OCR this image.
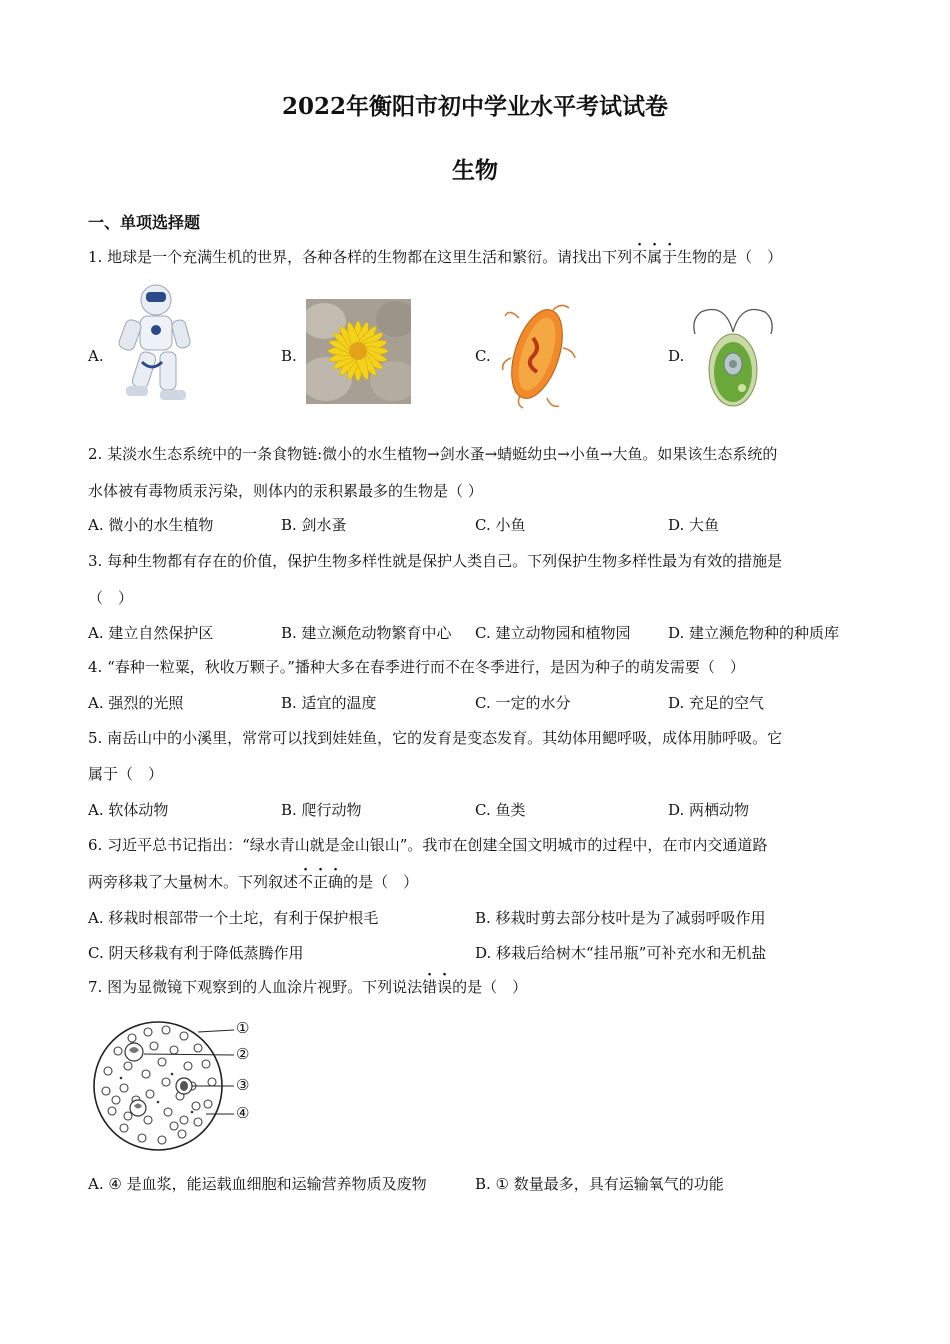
2022年衡阳市初中学业水平考试试卷
生物
一、单项选择题
1. 地球是一个充满生机的世界，各种各样的生物都在这里生活和繁衍。请找出下列不属于生物的是（　）
A.	B.	C.	D.
2. 某淡水生态系统中的一条食物链:微小的水生植物→剑水蚤→蜻蜓幼虫→小鱼→大鱼。如果该生态系统的
水体被有毒物质汞污染，则体内的汞积累最多的生物是（ ）
A. 微小的水生植物	B. 剑水蚤	C. 小鱼	D. 大鱼
3. 每种生物都有存在的价值，保护生物多样性就是保护人类自己。下列保护生物多样性最为有效的措施是
（　）
A. 建立自然保护区	B. 建立濒危动物繁育中心 C. 建立动物园和植物园	D. 建立濒危物种的种质库
4. “春种一粒粟，秋收万颗子。”播种大多在春季进行而不在冬季进行，是因为种子的萌发需要（　）
A. 强烈的光照	B. 适宜的温度	C. 一定的水分	D. 充足的空气
5. 南岳山中的小溪里，常常可以找到娃娃鱼，它的发育是变态发育。其幼体用鳃呼吸，成体用肺呼吸。它
属于（　）
A. 软体动物	B. 爬行动物	C. 鱼类	D. 两栖动物
6. 习近平总书记指出：“绿水青山就是金山银山”。我市在创建全国文明城市的过程中，在市内交通道路
两旁移栽了大量树木。下列叙述不正确的是（　）
A. 移栽时根部带一个土坨，有利于保护根毛	B. 移栽时剪去部分枝叶是为了减弱呼吸作用
C. 阴天移栽有利于降低蒸腾作用	D. 移栽后给树木“挂吊瓶”可补充水和无机盐
7. 图为显微镜下观察到的人血涂片视野。下列说法错误的是（　）
①
②
③
④
A. ④ 是血浆，能运载血细胞和运输营养物质及废物	B. ① 数量最多，具有运输氧气的功能
